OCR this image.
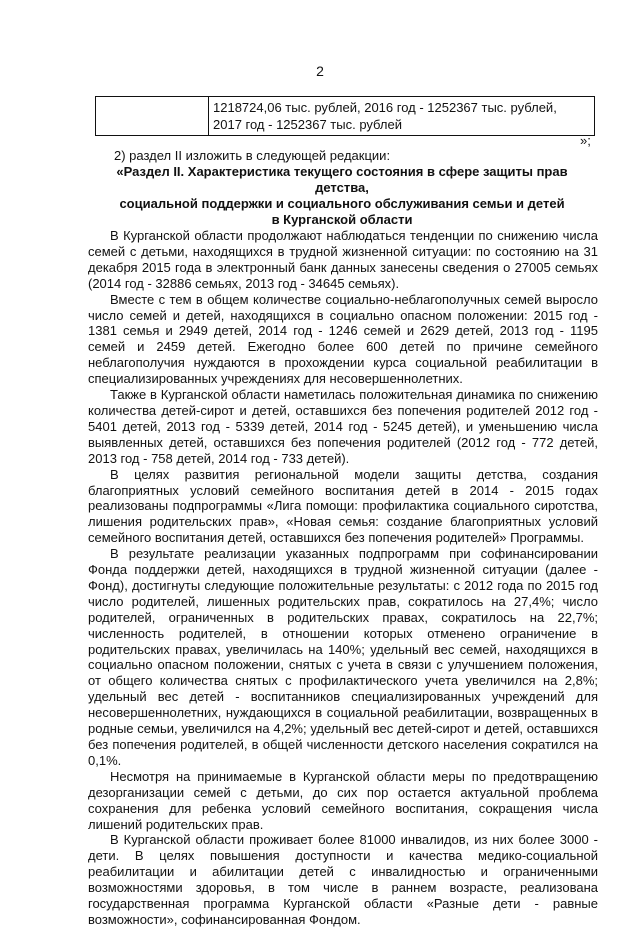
2

1218724,06 тыс. рублей, 2016 год - 1252367 тыс. рублей,
2017 год - 1252367 тыс. рублей
»;
2) раздел II изложить в следующей редакции:
«Раздел II. Характеристика текущего состояния в сфере защиты прав детства,
социальной поддержки и социального обслуживания семьи и детей
в Курганской области

В Курганской области продолжают наблюдаться тенденции по снижению числа семей с детьми, находящихся в трудной жизненной ситуации: по состоянию на 31 декабря 2015 года в электронный банк данных занесены сведения о 27005 семьях (2014 год - 32886 семьях, 2013 год - 34645 семьях).

Вместе с тем в общем количестве социально-неблагополучных семей выросло число семей и детей, находящихся в социально опасном положении: 2015 год - 1381 семья и 2949 детей, 2014 год - 1246 семей и 2629 детей, 2013 год - 1195 семей и 2459 детей. Ежегодно более 600 детей по причине семейного неблагополучия нуждаются в прохождении курса социальной реабилитации в специализированных учреждениях для несовершеннолетних.

Также в Курганской области наметилась положительная динамика по снижению количества детей-сирот и детей, оставшихся без попечения родителей 2012 год - 5401 детей, 2013 год - 5339 детей, 2014 год - 5245 детей), и уменьшению числа выявленных детей, оставшихся без попечения родителей (2012 год - 772 детей, 2013 год - 758 детей, 2014 год - 733 детей).

В целях развития региональной модели защиты детства, создания благоприятных условий семейного воспитания детей в 2014 - 2015 годах реализованы подпрограммы «Лига помощи: профилактика социального сиротства, лишения родительских прав», «Новая семья: создание благоприятных условий семейного воспитания детей, оставшихся без попечения родителей» Программы.

В результате реализации указанных подпрограмм при софинансировании Фонда поддержки детей, находящихся в трудной жизненной ситуации (далее - Фонд), достигнуты следующие положительные результаты: с 2012 года по 2015 год число родителей, лишенных родительских прав, сократилось на 27,4%; число родителей, ограниченных в родительских правах, сократилось на 22,7%; численность родителей, в отношении которых отменено ограничение в родительских правах, увеличилась на 140%; удельный вес семей, находящихся в социально опасном положении, снятых с учета в связи с улучшением положения, от общего количества снятых с профилактического учета увеличился на 2,8%; удельный вес детей - воспитанников специализированных учреждений для несовершеннолетних, нуждающихся в социальной реабилитации, возвращенных в родные семьи, увеличился на 4,2%; удельный вес детей-сирот и детей, оставшихся без попечения родителей, в общей численности детского населения сократился на 0,1%.

Несмотря на принимаемые в Курганской области меры по предотвращению дезорганизации семей с детьми, до сих пор остается актуальной проблема сохранения для ребенка условий семейного воспитания, сокращения числа лишений родительских прав.

В Курганской области проживает более 81000 инвалидов, из них более 3000 - дети. В целях повышения доступности и качества медико-социальной реабилитации и абилитации детей с инвалидностью и ограниченными возможностями здоровья, в том числе в раннем возрасте, реализована государственная программа Курганской области «Разные дети - равные возможности», софинансированная Фондом.
